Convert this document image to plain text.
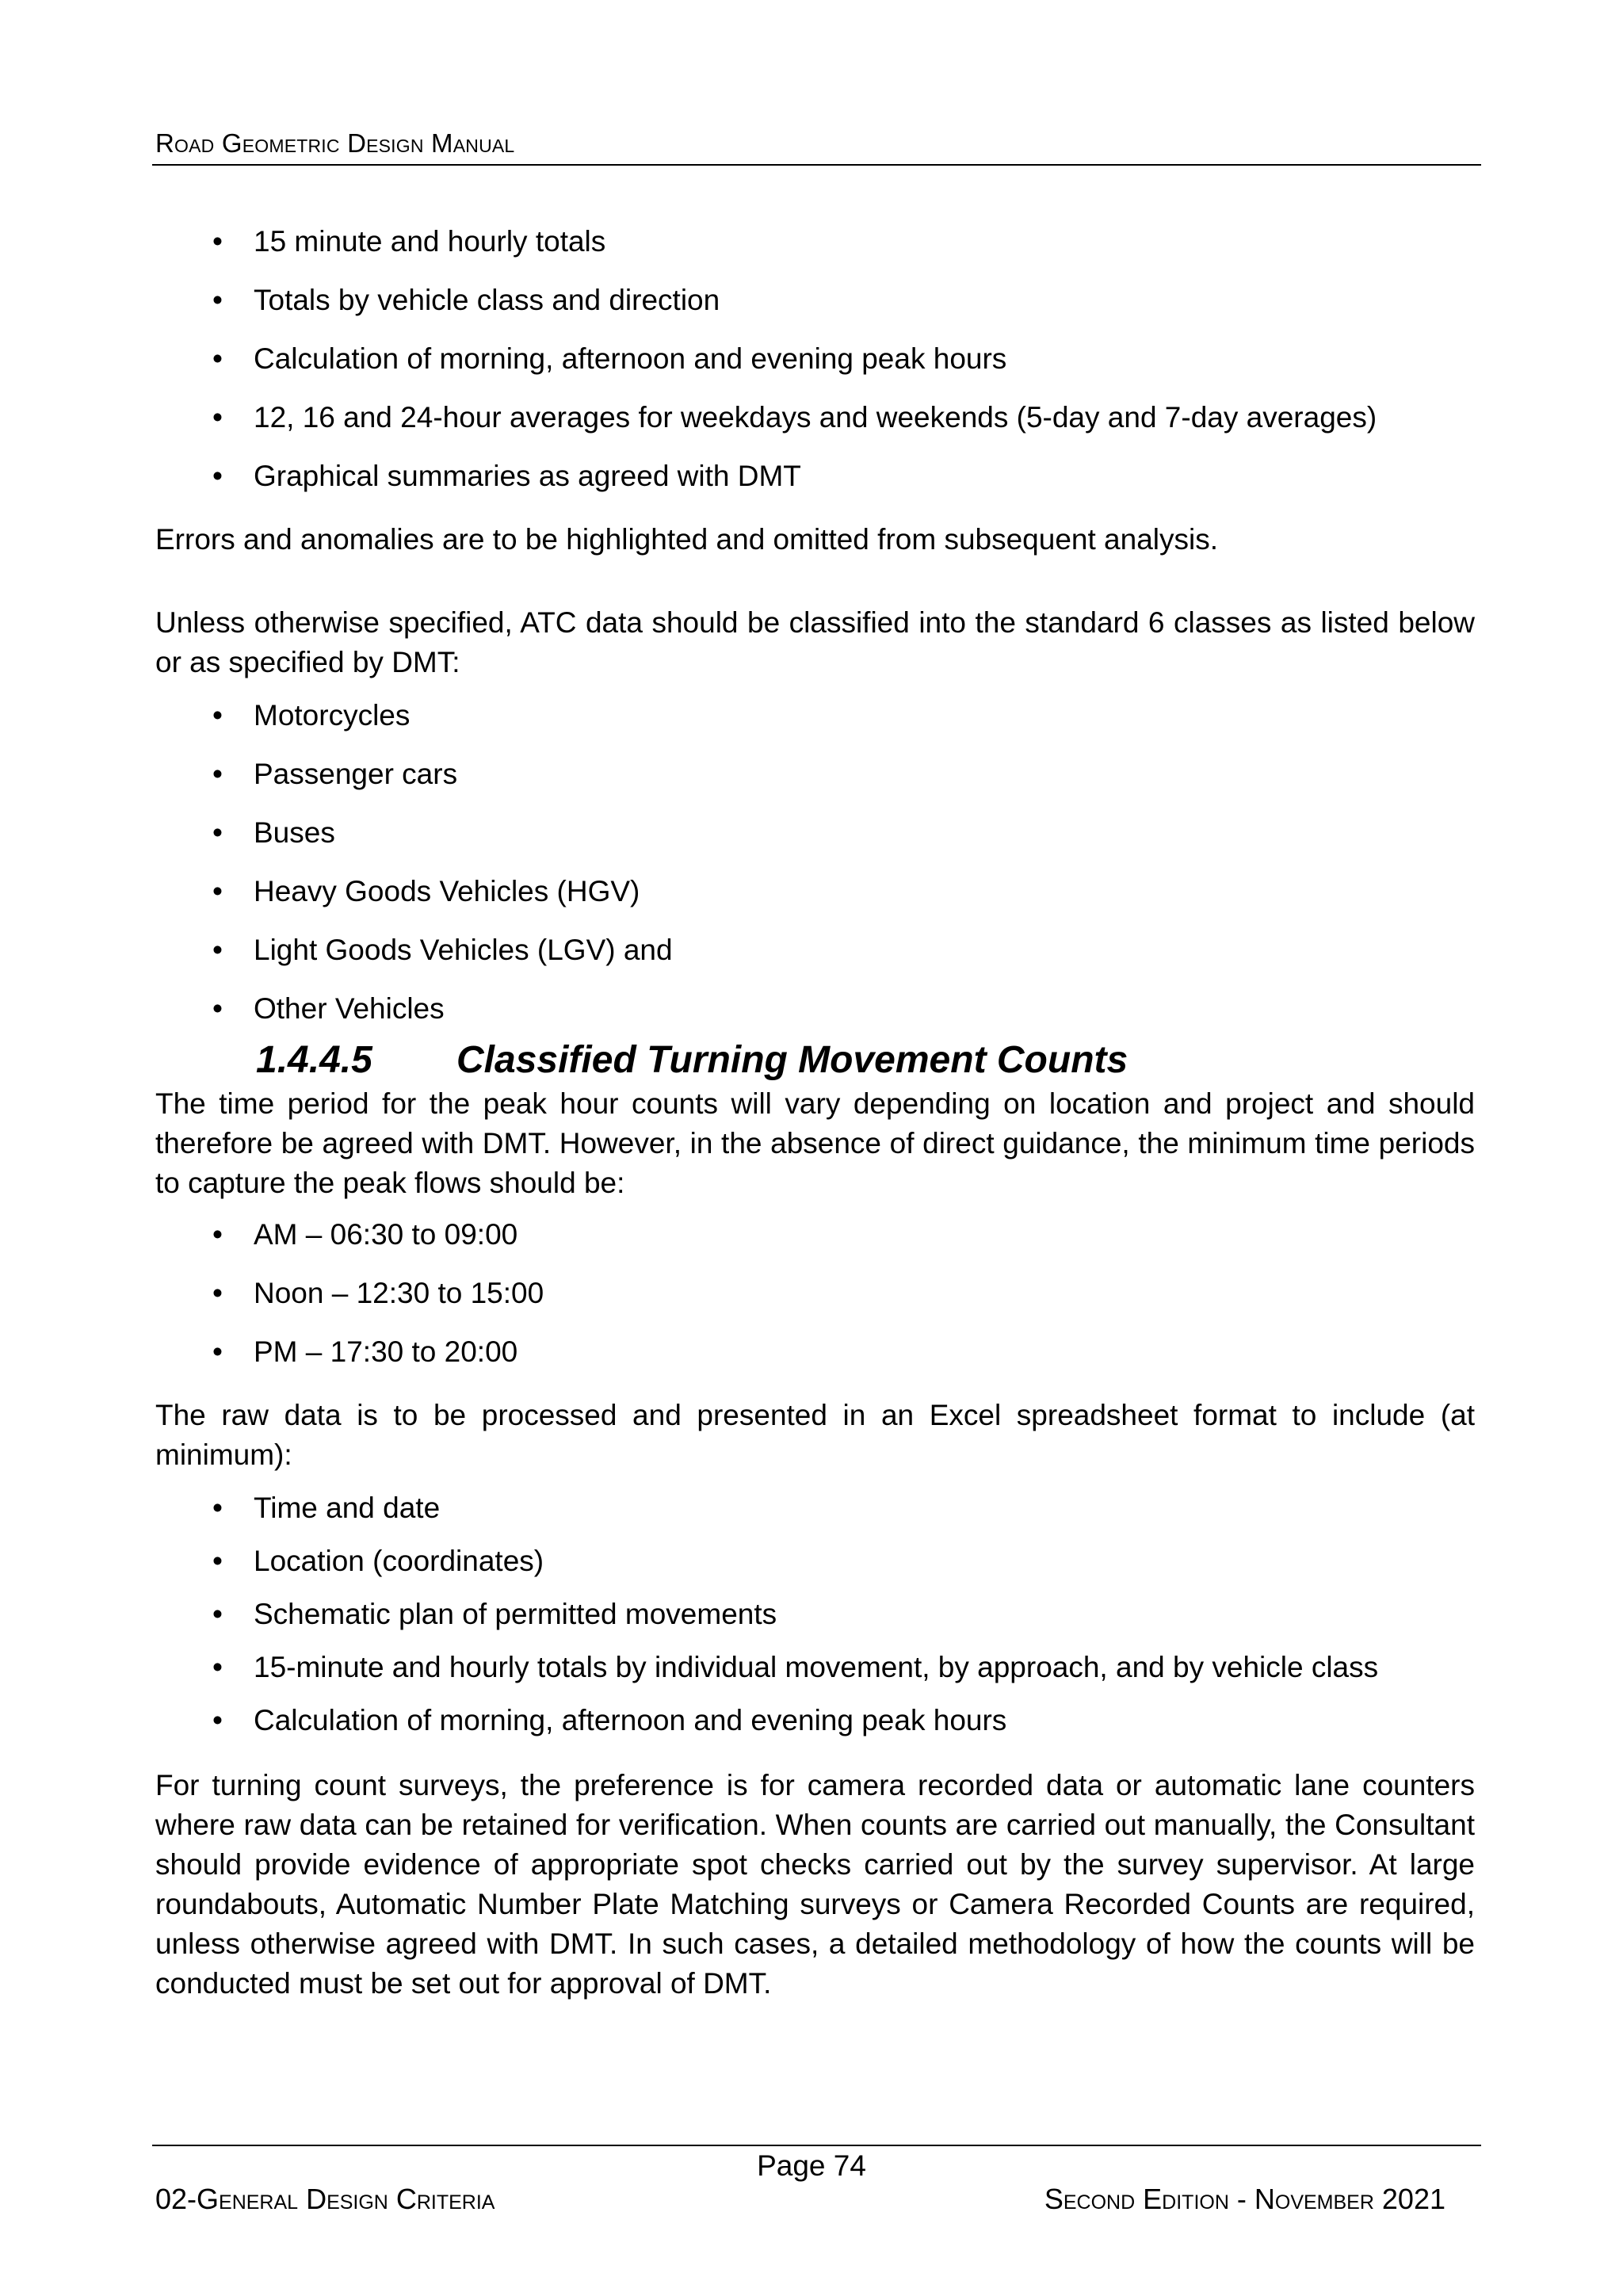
Road Geometric Design Manual
• 15 minute and hourly totals
• Totals by vehicle class and direction
• Calculation of morning, afternoon and evening peak hours
• 12, 16 and 24-hour averages for weekdays and weekends (5-day and 7-day averages)
• Graphical summaries as agreed with DMT

Errors and anomalies are to be highlighted and omitted from subsequent analysis.

Unless otherwise specified, ATC data should be classified into the standard 6 classes as listed below or as specified by DMT:

• Motorcycles
• Passenger cars
• Buses
• Heavy Goods Vehicles (HGV)
• Light Goods Vehicles (LGV) and
• Other Vehicles
1.4.4.5 Classified Turning Movement Counts

The time period for the peak hour counts will vary depending on location and project and should therefore be agreed with DMT. However, in the absence of direct guidance, the minimum time periods to capture the peak flows should be:

• AM – 06:30 to 09:00
• Noon – 12:30 to 15:00
• PM – 17:30 to 20:00

The raw data is to be processed and presented in an Excel spreadsheet format to include (at minimum):

• Time and date
• Location (coordinates)
• Schematic plan of permitted movements
• 15-minute and hourly totals by individual movement, by approach, and by vehicle class
• Calculation of morning, afternoon and evening peak hours

For turning count surveys, the preference is for camera recorded data or automatic lane counters where raw data can be retained for verification. When counts are carried out manually, the Consultant should provide evidence of appropriate spot checks carried out by the survey supervisor. At large roundabouts, Automatic Number Plate Matching surveys or Camera Recorded Counts are required, unless otherwise agreed with DMT. In such cases, a detailed methodology of how the counts will be conducted must be set out for approval of DMT.

Page 74
02-General Design Criteria	Second Edition - November 2021
